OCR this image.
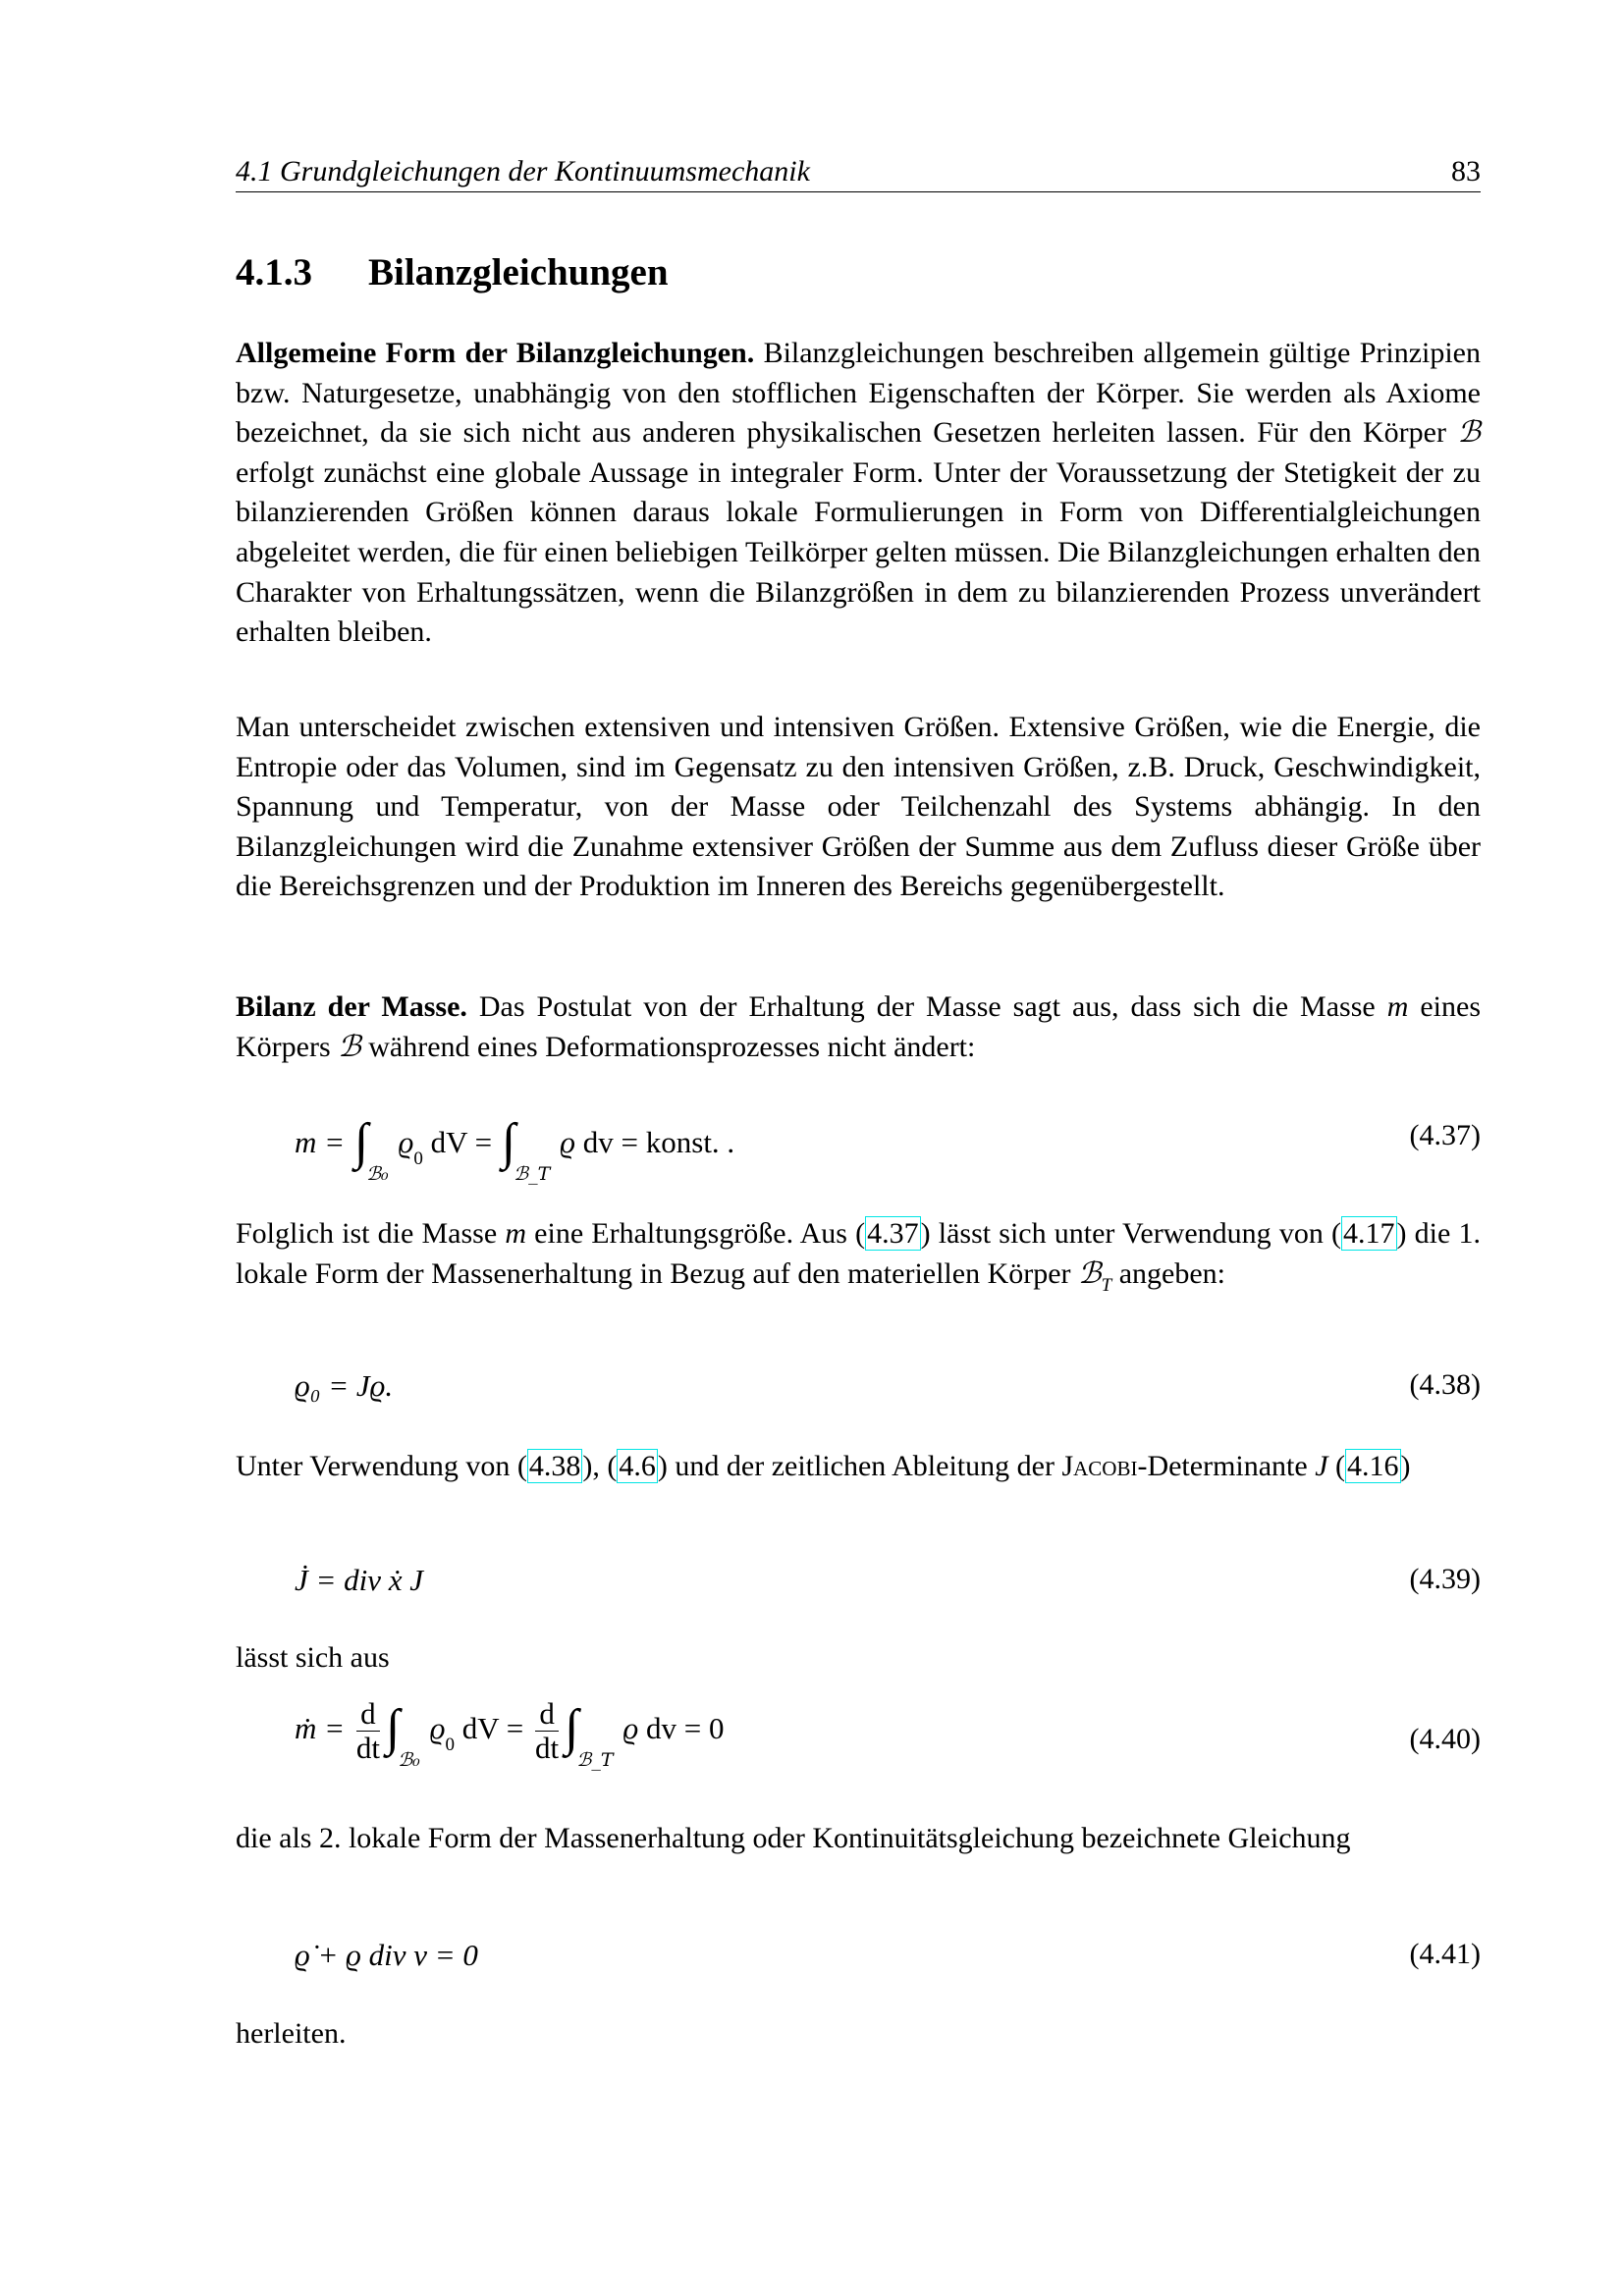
4.1 Grundgleichungen der Kontinuumsmechanik	83
4.1.3 Bilanzgleichungen

Allgemeine Form der Bilanzgleichungen. Bilanzgleichungen beschreiben allgemein gültige Prinzipien bzw. Naturgesetze, unabhängig von den stofflichen Eigenschaften der Körper. Sie werden als Axiome bezeichnet, da sie sich nicht aus anderen physikalischen Gesetzen herleiten lassen. Für den Körper ℬ erfolgt zunächst eine globale Aussage in integraler Form. Unter der Voraussetzung der Stetigkeit der zu bilanzierenden Größen können daraus lokale Formulierungen in Form von Differentialgleichungen abgeleitet werden, die für einen beliebigen Teilkörper gelten müssen. Die Bilanzgleichungen erhalten den Charakter von Erhaltungssätzen, wenn die Bilanzgrößen in dem zu bilanzierenden Prozess unverändert erhalten bleiben.

Man unterscheidet zwischen extensiven und intensiven Größen. Extensive Größen, wie die Energie, die Entropie oder das Volumen, sind im Gegensatz zu den intensiven Größen, z.B. Druck, Geschwindigkeit, Spannung und Temperatur, von der Masse oder Teilchenzahl des Systems abhängig. In den Bilanzgleichungen wird die Zunahme extensiver Größen der Summe aus dem Zufluss dieser Größe über die Bereichsgrenzen und der Produktion im Inneren des Bereichs gegenübergestellt.

Bilanz der Masse. Das Postulat von der Erhaltung der Masse sagt aus, dass sich die Masse m eines Körpers ℬ während eines Deformationsprozesses nicht ändert:

$m = \int_{ℬ_0}ϱ_0$ dV = $\int_{ℬ\_T}ϱ$ dv = konst. .	(4.37)

Folglich ist die Masse m eine Erhaltungsgröße. Aus (4.37) lässt sich unter Verwendung von (4.17) die 1. lokale Form der Massenerhaltung in Bezug auf den materiellen Körper ℬ$_T$ angeben:

ϱ₀ = Jϱ.	(4.38)

Unter Verwendung von (4.38), (4.6) und der zeitlichen Ableitung der Jacobi-Determinante J (4.16)

J̇ = div ẋ J	(4.39)

lässt sich aus

ṁ = $\frac{d}{dt} \int_{ℬ_0}ϱ_0$ dV = $\frac{d}{dt} \int_{ℬ\_T}ϱ$ dv = 0	(4.40)

die als 2. lokale Form der Massenerhaltung oder Kontinuitätsgleichung bezeichnete Gleichung

ϱ̇ + ϱ div v = 0	(4.41)

herleiten.
